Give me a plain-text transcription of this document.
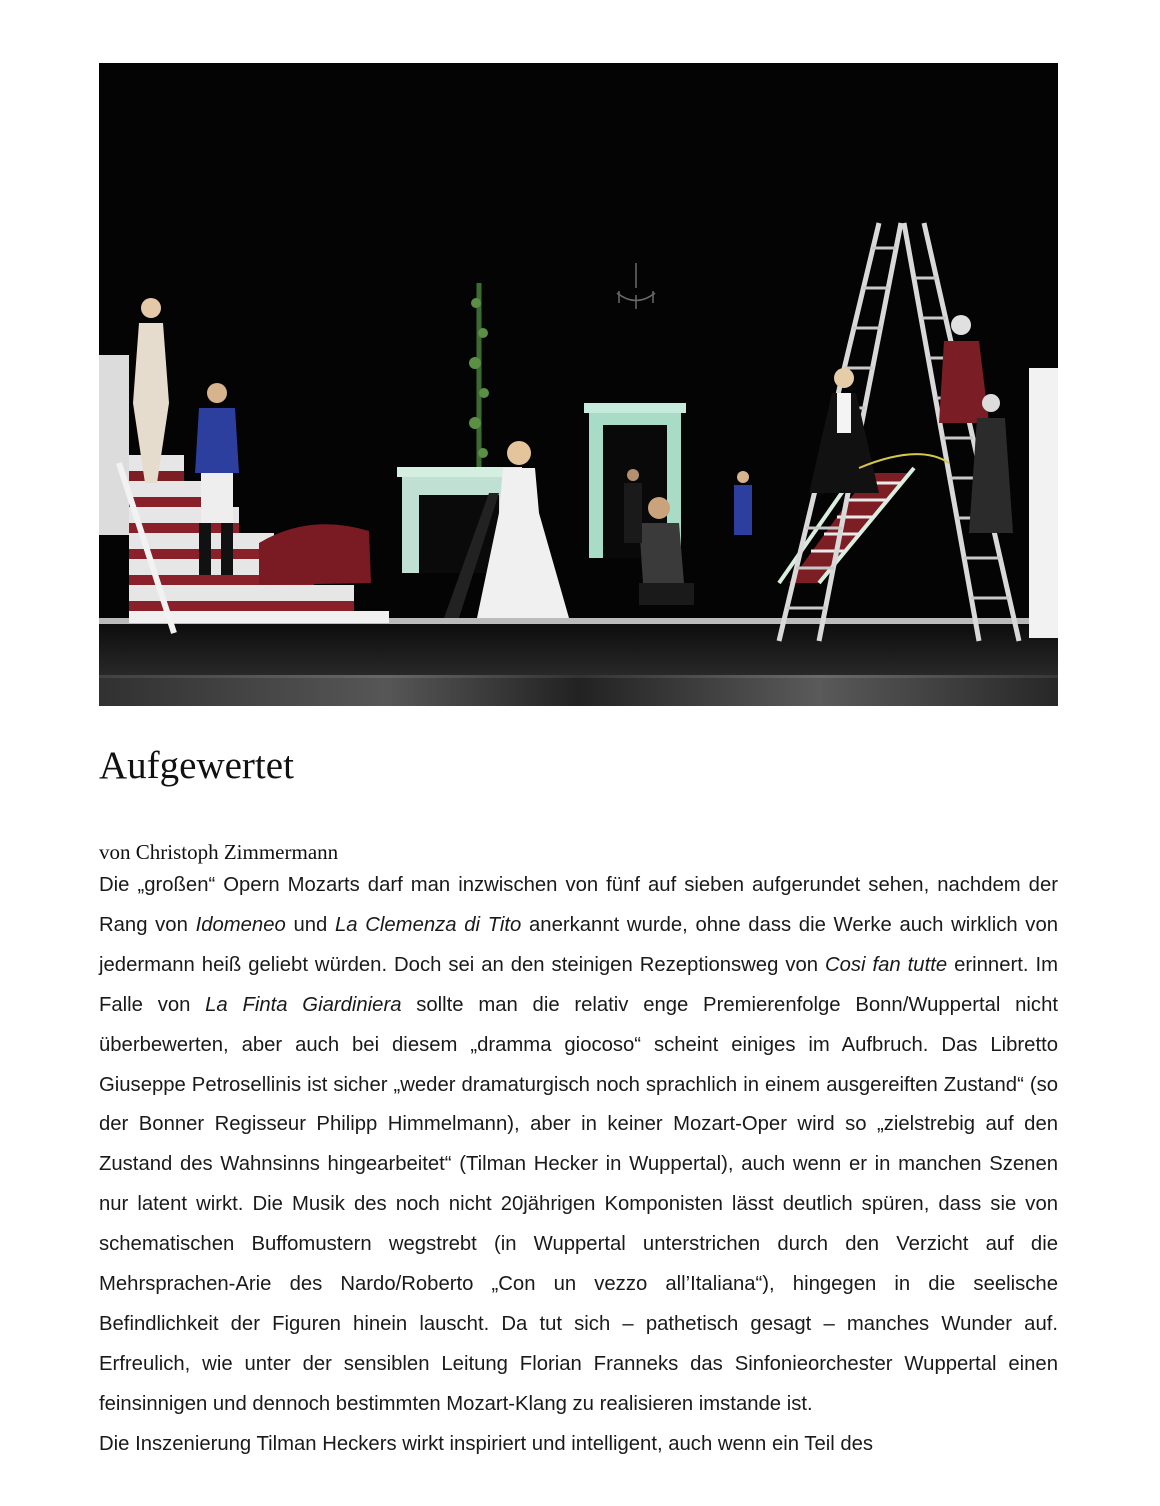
Aufgewertet
von Christoph Zimmermann

Die „großen“ Opern Mozarts darf man inzwischen von fünf auf sieben aufgerundet sehen, nachdem der Rang von Idomeneo und La Clemenza di Tito anerkannt wurde, ohne dass die Werke auch wirklich von jedermann heiß geliebt würden. Doch sei an den steinigen Rezeptionsweg von Cosi fan tutte erinnert. Im Falle von La Finta Giardiniera sollte man die relativ enge Premierenfolge Bonn/Wuppertal nicht überbewerten, aber auch bei diesem „dramma giocoso“ scheint einiges im Aufbruch. Das Libretto Giuseppe Petrosellinis ist sicher „weder dramaturgisch noch sprachlich in einem ausgereiften Zustand“ (so der Bonner Regisseur Philipp Himmelmann), aber in keiner Mozart-Oper wird so „zielstrebig auf den Zustand des Wahnsinns hingearbeitet“ (Tilman Hecker in Wuppertal), auch wenn er in manchen Szenen nur latent wirkt. Die Musik des noch nicht 20jährigen Komponisten lässt deutlich spüren, dass sie von schematischen Buffomustern wegstrebt (in Wuppertal unterstrichen durch den Verzicht auf die Mehrsprachen-Arie des Nardo/Roberto „Con un vezzo all’Italiana“), hingegen in die seelische Befindlichkeit der Figuren hinein lauscht. Da tut sich – pathetisch gesagt – manches Wunder auf. Erfreulich, wie unter der sensiblen Leitung Florian Franneks das Sinfonieorchester Wuppertal einen feinsinnigen und dennoch bestimmten Mozart-Klang zu realisieren imstande ist.

Die Inszenierung Tilman Heckers wirkt inspiriert und intelligent, auch wenn ein Teil des
